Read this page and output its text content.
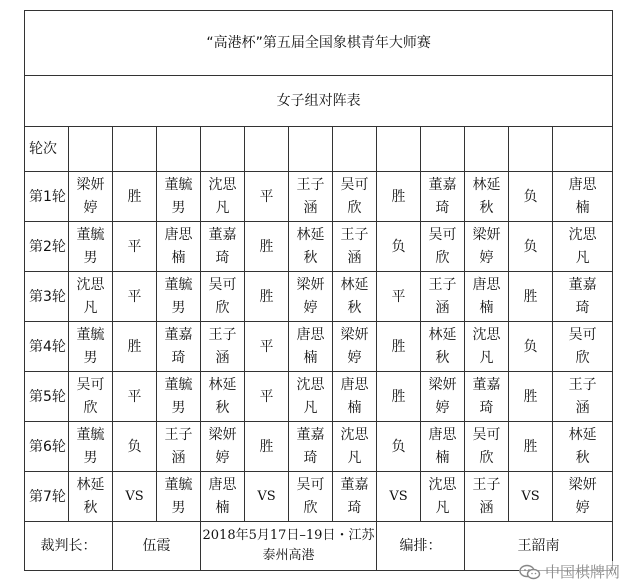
“高港杯”第五届全国象棋青年大师赛												
女子组对阵表												
轮次												
第1轮	梁妍婷	胜	董毓男	沈思凡	平	王子涵	吴可欣	胜	董嘉琦	林延秋	负	唐思楠
第2轮	董毓男	平	唐思楠	董嘉琦	胜	林延秋	王子涵	负	吴可欣	梁妍婷	负	沈思凡
第3轮	沈思凡	平	董毓男	吴可欣	胜	梁妍婷	林延秋	平	王子涵	唐思楠	胜	董嘉琦
第4轮	董毓男	胜	董嘉琦	王子涵	平	唐思楠	梁妍婷	胜	林延秋	沈思凡	负	吴可欣
第5轮	吴可欣	平	董毓男	林延秋	平	沈思凡	唐思楠	胜	梁妍婷	董嘉琦	胜	王子涵
第6轮	董毓男	负	王子涵	梁妍婷	胜	董嘉琦	沈思凡	负	唐思楠	吴可欣	胜	林延秋
第7轮	林延秋	VS	董毓男	唐思楠	VS	吴可欣	董嘉琦	VS	沈思凡	王子涵	VS	梁妍婷
裁判长：	伍霞	2018年5月17日–19日・江苏泰州高港	编排：	王韶南
中国棋牌网
